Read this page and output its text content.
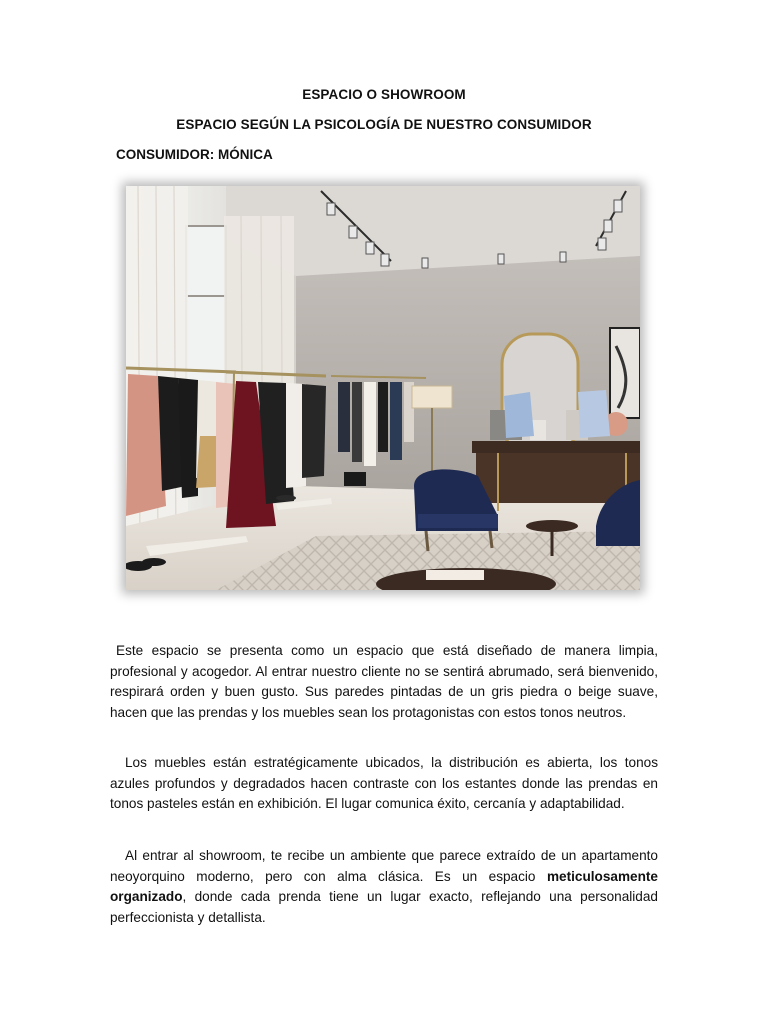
ESPACIO O SHOWROOM
ESPACIO SEGÚN LA PSICOLOGÍA DE NUESTRO CONSUMIDOR
CONSUMIDOR: MÓNICA

Este espacio se presenta como un espacio que está diseñado de manera limpia, profesional y acogedor. Al entrar nuestro cliente no se sentirá abrumado, será bienvenido, respirará orden y buen gusto. Sus paredes pintadas de un gris piedra o beige suave, hacen que las prendas y los muebles sean los protagonistas con estos tonos neutros.

Los muebles están estratégicamente ubicados, la distribución es abierta, los tonos azules profundos y degradados hacen contraste con los estantes donde las prendas en tonos pasteles están en exhibición. El lugar comunica éxito, cercanía y adaptabilidad.

Al entrar al showroom, te recibe un ambiente que parece extraído de un apartamento neoyorquino moderno, pero con alma clásica. Es un espacio meticulosamente organizado, donde cada prenda tiene un lugar exacto, reflejando una personalidad perfeccionista y detallista.
